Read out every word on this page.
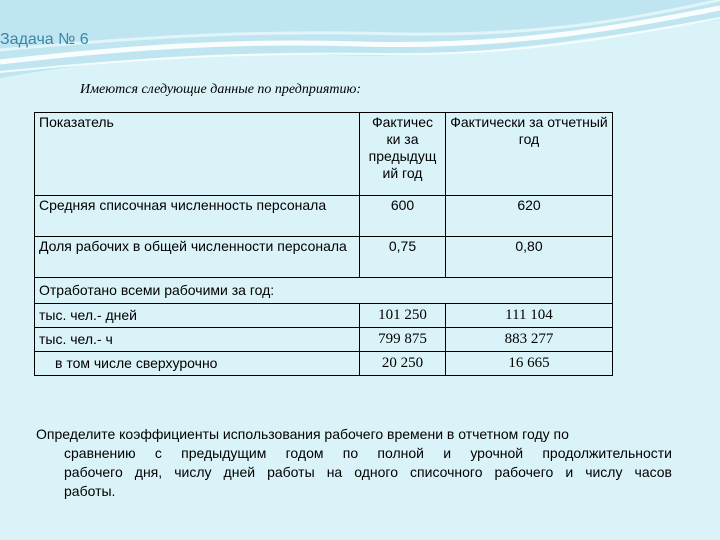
Задача № 6
Имеются следующие данные по предприятию:
Показатель	Фактичес ки за предыдущ ий год	Фактически за отчетный год
Средняя списочная численность персонала	600	620
Доля рабочих в общей численности персонала	0,75	0,80
Отработано всеми рабочими за год:		
тыс. чел.- дней	101 250	111 104
тыс. чел.- ч	799 875	883 277
в том числе сверхурочно	20 250	16 665
Определите коэффициенты использования рабочего времени в отчетном году по
сравнению с предыдущим годом по полной и урочной продолжительности
рабочего дня, числу дней работы на одного списочного рабочего и числу часов
работы.
